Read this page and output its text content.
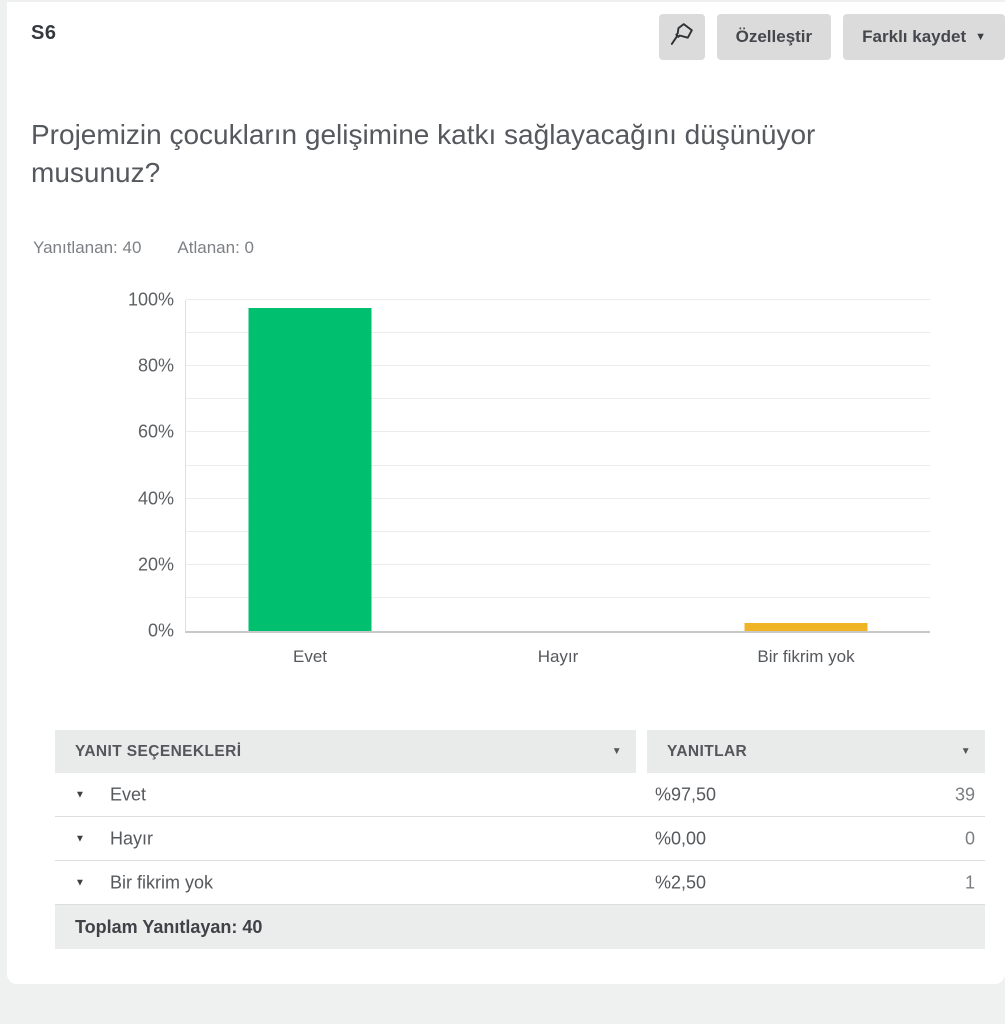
S6	Özelleştir	Farklı kaydet ▼
Projemizin çocukların gelişimine katkı sağlayacağını düşünüyor musunuz?
Yanıtlanan: 40 Atlanan: 0
0%
20%
40%
60%
80%
100%
Evet	Hayır	Bir fikrim yok
YANIT SEÇENEKLERİ	▼	YANITLAR	▼
▼ Evet	%97,50	39
▼ Hayır	%0,00	0
▼ Bir fikrim yok	%2,50	1
Toplam Yanıtlayan: 40
